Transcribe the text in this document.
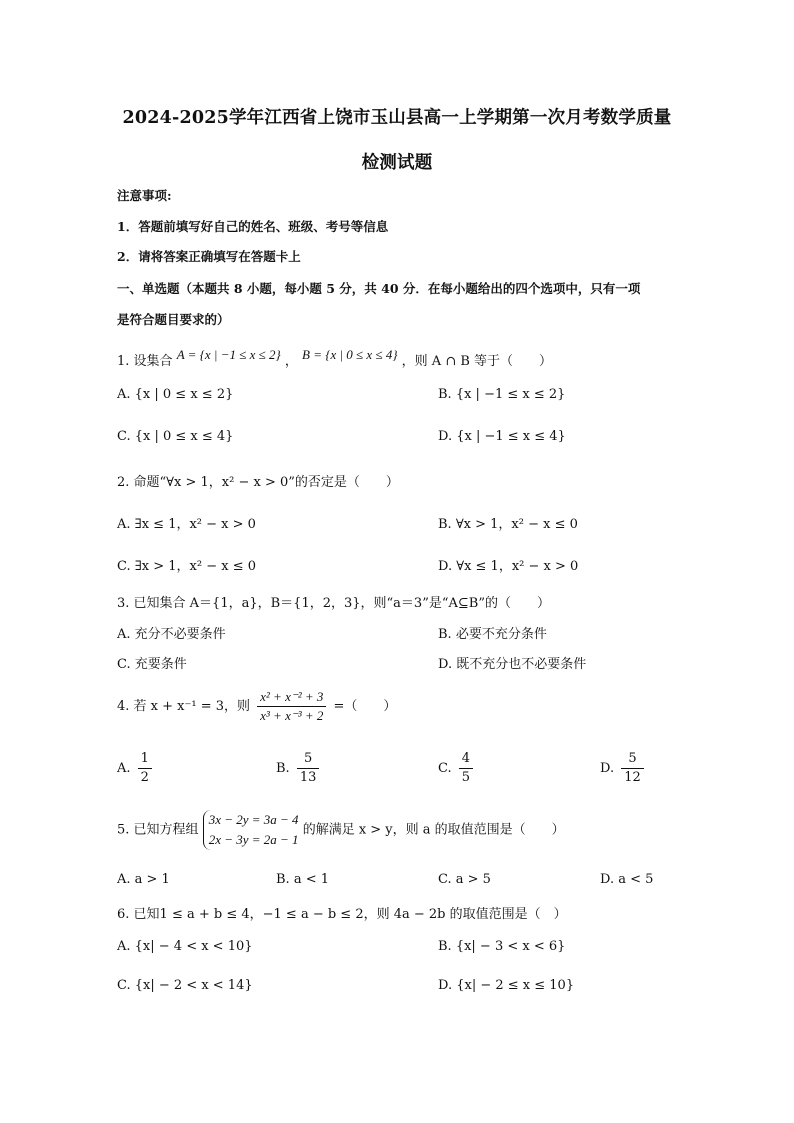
2024-2025学年江西省上饶市玉山县高一上学期第一次月考数学质量
检测试题
注意事项:
1．答题前填写好自己的姓名、班级、考号等信息
2．请将答案正确填写在答题卡上
一、单选题（本题共 8 小题，每小题 5 分，共 40 分．在每小题给出的四个选项中，只有一项
是符合题目要求的）
1. 设集合 A = {x | −1 ≤ x ≤ 2} ， B = {x | 0 ≤ x ≤ 4} ，则 A ∩ B 等于（　　）
A. {x | 0 ≤ x ≤ 2}	B. {x | −1 ≤ x ≤ 2}
C. {x | 0 ≤ x ≤ 4}	D. {x | −1 ≤ x ≤ 4}
2. 命题“∀x > 1，x² − x > 0”的否定是（　　）
A. ∃x ≤ 1，x² − x > 0	B. ∀x > 1，x² − x ≤ 0
C. ∃x > 1，x² − x ≤ 0	D. ∀x ≤ 1，x² − x > 0
3. 已知集合 A＝{1，a}，B＝{1，2，3}，则“a＝3”是“A⊆B”的（　　）
A. 充分不必要条件	B. 必要不充分条件
C. 充要条件	D. 既不充分也不必要条件
4. 若 x + x⁻¹ = 3，则 $\frac{\text{x² + x⁻² + 3}}{\text{x³ + x⁻³ + 2}}$ =（　　）
A. $\frac{1}{2}$	B. $\frac{5}{13}$	C. $\frac{4}{5}$	D. $\frac{5}{12}$
5. 已知方程组
3x − 2y = 3a − 4
2x − 3y = 2a − 1
的解满足 x > y，则 a 的取值范围是（　　）
A. a > 1	B. a < 1	C. a > 5	D. a < 5
6. 已知1 ≤ a + b ≤ 4，−1 ≤ a − b ≤ 2，则 4a − 2b 的取值范围是（　）
A. {x| − 4 < x < 10}	B. {x| − 3 < x < 6}
C. {x| − 2 < x < 14}	D. {x| − 2 ≤ x ≤ 10}
